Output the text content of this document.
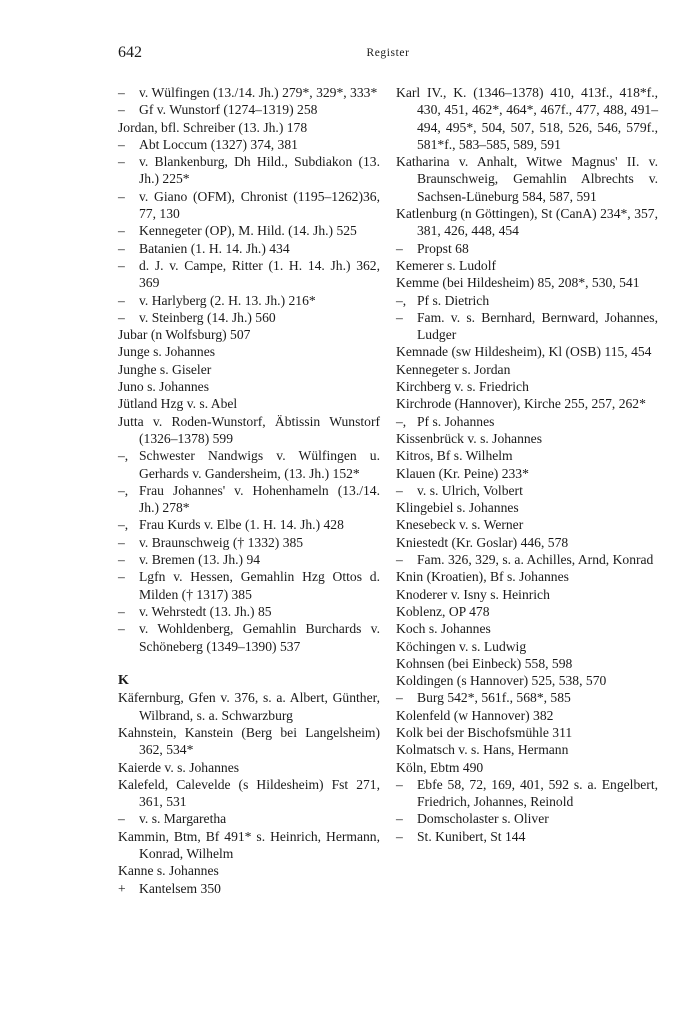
642	Register

–	v. Wülfingen (13./14. Jh.) 279*, 329*, 333*

–	Gf v. Wunstorf (1274–1319) 258

Jordan, bfl. Schreiber (13. Jh.) 178

–	Abt Loccum (1327) 374, 381

–	v. Blankenburg, Dh Hild., Subdiakon (13. Jh.) 225*

–	v. Giano (OFM), Chronist (1195–1262)36, 77, 130

–	Kennegeter (OP), M. Hild. (14. Jh.) 525

–	Batanien (1. H. 14. Jh.) 434

–	d. J. v. Campe, Ritter (1. H. 14. Jh.) 362, 369

–	v. Harlyberg (2. H. 13. Jh.) 216*

–	v. Steinberg (14. Jh.) 560

Jubar (n Wolfsburg) 507

Junge s. Johannes

Junghe s. Giseler

Juno s. Johannes

Jütland Hzg v. s. Abel

Jutta v. Roden-Wunstorf, Äbtissin Wunstorf (1326–1378) 599

–, Schwester Nandwigs v. Wülfingen u. Gerhards v. Gandersheim, (13. Jh.) 152*

–, Frau Johannes' v. Hohenhameln (13./14. Jh.) 278*

–, Frau Kurds v. Elbe (1. H. 14. Jh.) 428

–	v. Braunschweig († 1332) 385

–	v. Bremen (13. Jh.) 94

–	Lgfn v. Hessen, Gemahlin Hzg Ottos d. Milden († 1317) 385

–	v. Wehrstedt (13. Jh.) 85

–	v. Wohldenberg, Gemahlin Burchards v. Schöneberg (1349–1390) 537

K

Käfernburg, Gfen v. 376, s. a. Albert, Günther, Wilbrand, s. a. Schwarzburg

Kahnstein, Kanstein (Berg bei Langelsheim) 362, 534*

Kaierde v. s. Johannes

Kalefeld, Calevelde (s Hildesheim) Fst 271, 361, 531

–	v. s. Margaretha

Kammin, Btm, Bf 491* s. Heinrich, Hermann, Konrad, Wilhelm

Kanne s. Johannes

+ Kantelsem 350

Karl IV., K. (1346–1378) 410, 413f., 418*f., 430, 451, 462*, 464*, 467f., 477, 488, 491–494, 495*, 504, 507, 518, 526, 546, 579f., 581*f., 583–585, 589, 591

Katharina v. Anhalt, Witwe Magnus' II. v. Braunschweig, Gemahlin Albrechts v. Sachsen-Lüneburg 584, 587, 591

Katlenburg (n Göttingen), St (CanA) 234*, 357, 381, 426, 448, 454

–	Propst 68

Kemerer s. Ludolf

Kemme (bei Hildesheim) 85, 208*, 530, 541

–, Pf s. Dietrich

–	Fam. v. s. Bernhard, Bernward, Johannes, Ludger

Kemnade (sw Hildesheim), Kl (OSB) 115, 454

Kennegeter s. Jordan

Kirchberg v. s. Friedrich

Kirchrode (Hannover), Kirche 255, 257, 262*

–, Pf s. Johannes

Kissenbrück v. s. Johannes

Kitros, Bf s. Wilhelm

Klauen (Kr. Peine) 233*

–	v. s. Ulrich, Volbert

Klingebiel s. Johannes

Knesebeck v. s. Werner

Kniestedt (Kr. Goslar) 446, 578

–	Fam. 326, 329, s. a. Achilles, Arnd, Konrad

Knin (Kroatien), Bf s. Johannes

Knoderer v. Isny s. Heinrich

Koblenz, OP 478

Koch s. Johannes

Köchingen v. s. Ludwig

Kohnsen (bei Einbeck) 558, 598

Koldingen (s Hannover) 525, 538, 570

–	Burg 542*, 561f., 568*, 585

Kolenfeld (w Hannover) 382

Kolk bei der Bischofsmühle 311

Kolmatsch v. s. Hans, Hermann

Köln, Ebtm 490

–	Ebfe 58, 72, 169, 401, 592 s. a. Engelbert, Friedrich, Johannes, Reinold

–	Domscholaster s. Oliver

–	St. Kunibert, St 144
